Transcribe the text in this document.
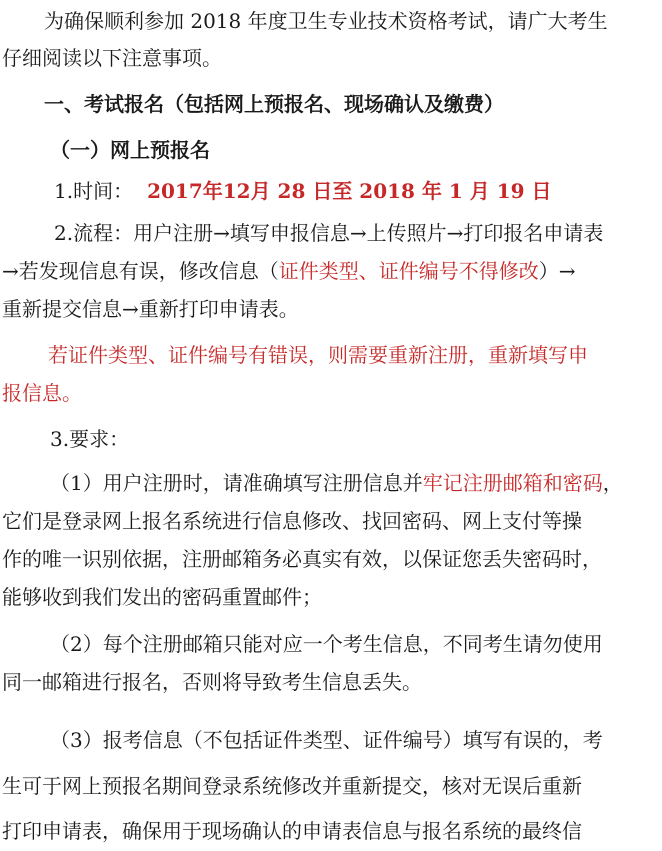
为确保顺利参加 2018 年度卫生专业技术资格考试，请广大考生
仔细阅读以下注意事项。
一、考试报名（包括网上预报名、现场确认及缴费）
（一）网上预报名
1.时间： 2017年12月 28 日至 2018 年 1 月 19 日
2.流程：用户注册→填写申报信息→上传照片→打印报名申请表
→若发现信息有误，修改信息（证件类型、证件编号不得修改）→
重新提交信息→重新打印申请表。
若证件类型、证件编号有错误，则需要重新注册，重新填写申
报信息。
3.要求：
（1）用户注册时，请准确填写注册信息并牢记注册邮箱和密码，
它们是登录网上报名系统进行信息修改、找回密码、网上支付等操
作的唯一识别依据，注册邮箱务必真实有效，以保证您丢失密码时，
能够收到我们发出的密码重置邮件；
（2）每个注册邮箱只能对应一个考生信息，不同考生请勿使用
同一邮箱进行报名，否则将导致考生信息丢失。
（3）报考信息（不包括证件类型、证件编号）填写有误的，考
生可于网上预报名期间登录系统修改并重新提交，核对无误后重新
打印申请表，确保用于现场确认的申请表信息与报名系统的最终信
